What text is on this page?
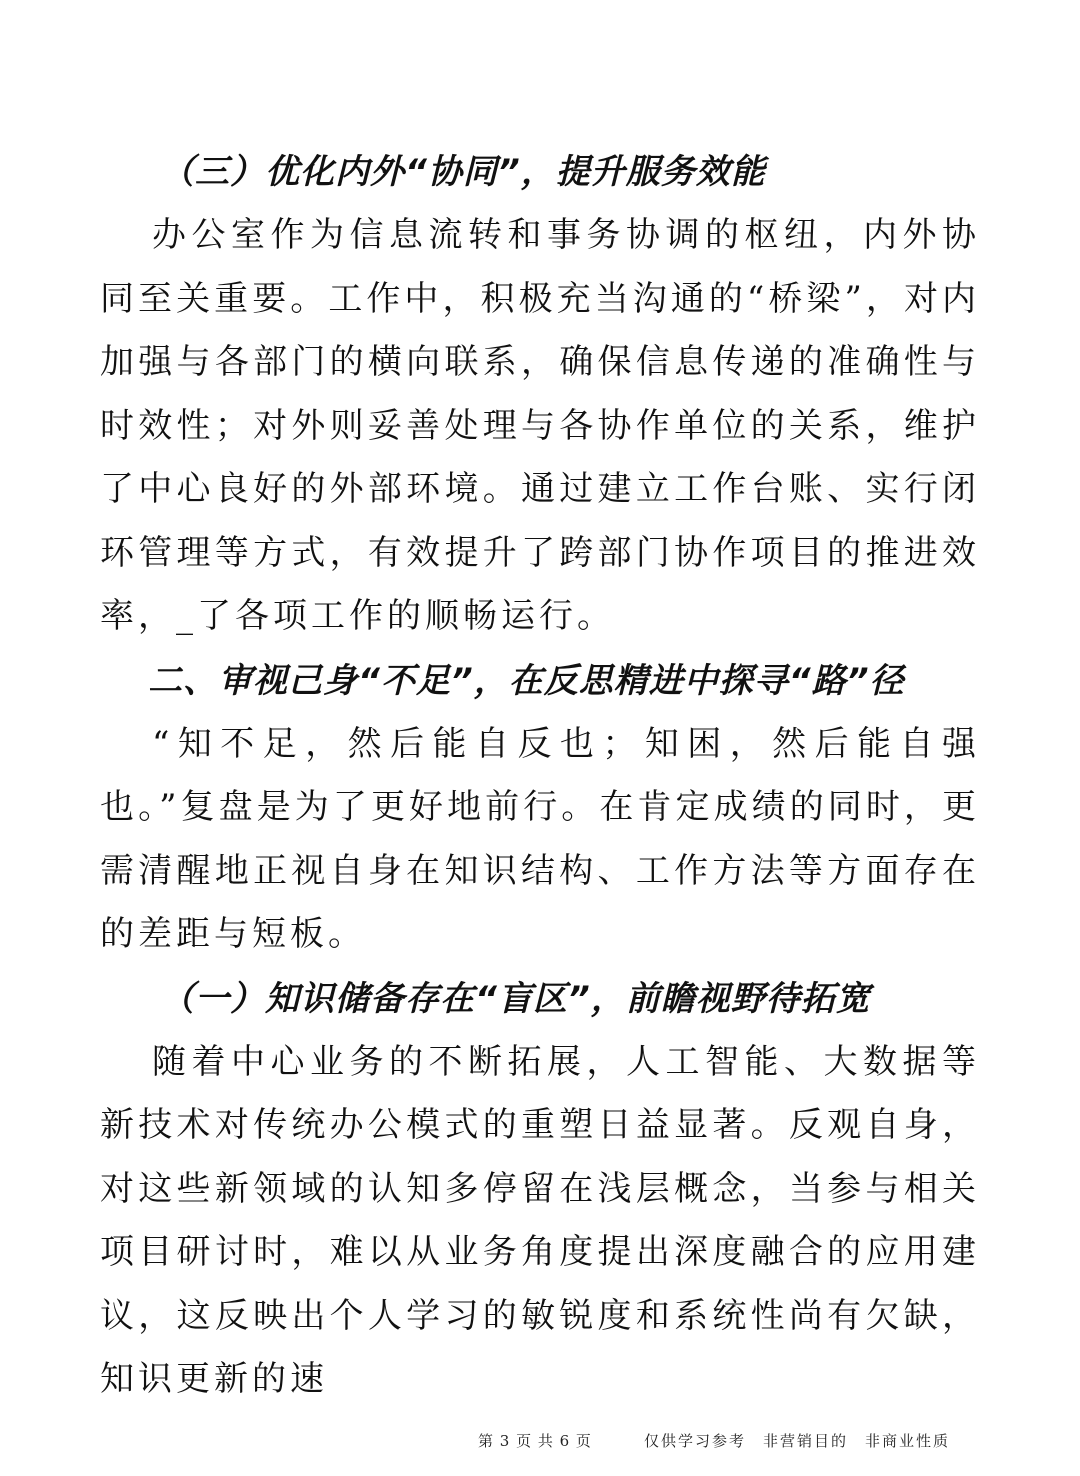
（三）优化内外“协同”，提升服务效能

办公室作为信息流转和事务协调的枢纽，内外协同至关重要。工作中，积极充当沟通的“桥梁”，对内加强与各部门的横向联系，确保信息传递的准确性与时效性；对外则妥善处理与各协作单位的关系，维护了中心良好的外部环境。通过建立工作台账、实行闭环管理等方式，有效提升了跨部门协作项目的推进效率，_了各项工作的顺畅运行。

二、审视己身“不足”，在反思精进中探寻“路”径

“知不足，然后能自反也；知困，然后能自强也。”复盘是为了更好地前行。在肯定成绩的同时，更需清醒地正视自身在知识结构、工作方法等方面存在的差距与短板。

（一）知识储备存在“盲区”，前瞻视野待拓宽

随着中心业务的不断拓展，人工智能、大数据等新技术对传统办公模式的重塑日益显著。反观自身，对这些新领域的认知多停留在浅层概念，当参与相关项目研讨时，难以从业务角度提出深度融合的应用建议，这反映出个人学习的敏锐度和系统性尚有欠缺，知识更新的速

第 3 页 共 6 页	仅供学习参考　非营销目的　非商业性质
